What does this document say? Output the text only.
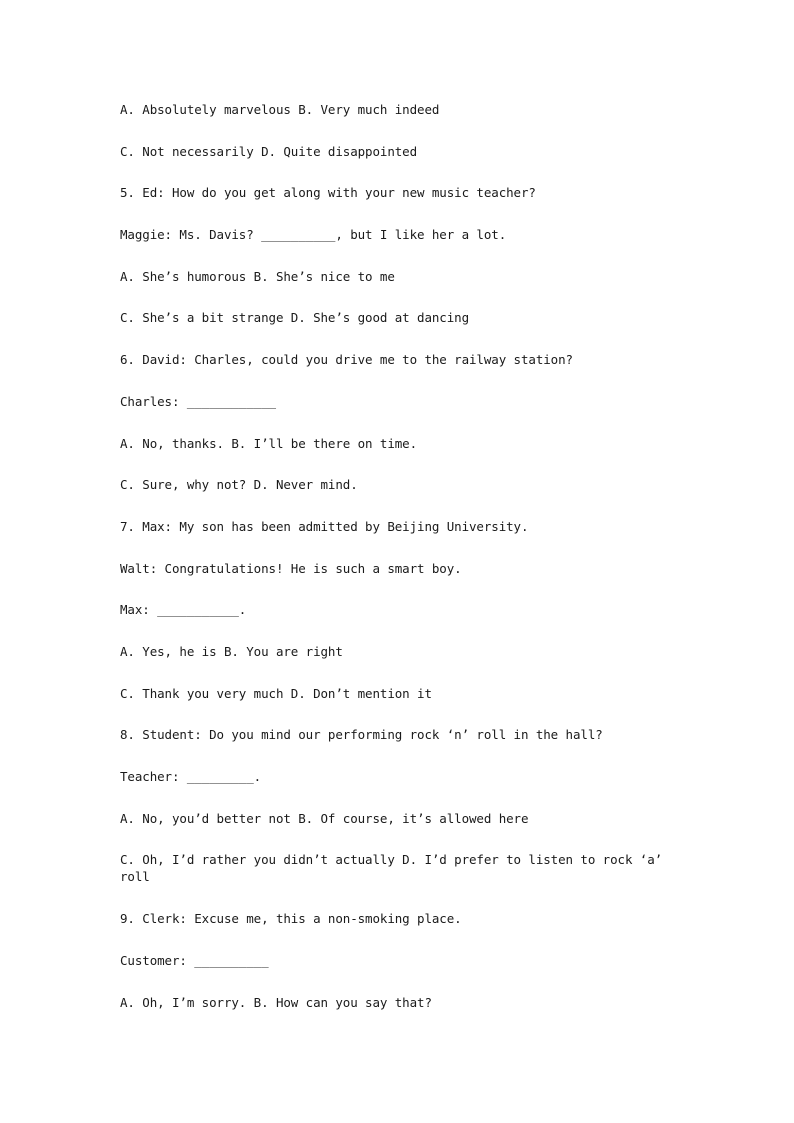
A. Absolutely marvelous B. Very much indeed

C. Not necessarily D. Quite disappointed

5. Ed: How do you get along with your new music teacher?

Maggie: Ms. Davis? __________, but I like her a lot.

A. She’s humorous B. She’s nice to me

C. She’s a bit strange D. She’s good at dancing

6. David: Charles, could you drive me to the railway station?

Charles: ____________

A. No, thanks. B. I’ll be there on time.

C. Sure, why not? D. Never mind.

7. Max: My son has been admitted by Beijing University.

Walt: Congratulations! He is such a smart boy.

Max: ___________.

A. Yes, he is B. You are right

C. Thank you very much D. Don’t mention it

8. Student: Do you mind our performing rock ‘n’ roll in the hall?

Teacher: _________.

A. No, you’d better not B. Of course, it’s allowed here

C. Oh, I’d rather you didn’t actually D. I’d prefer to listen to rock ‘a’ roll

9. Clerk: Excuse me, this a non-smoking place.

Customer: __________

A. Oh, I’m sorry. B. How can you say that?
